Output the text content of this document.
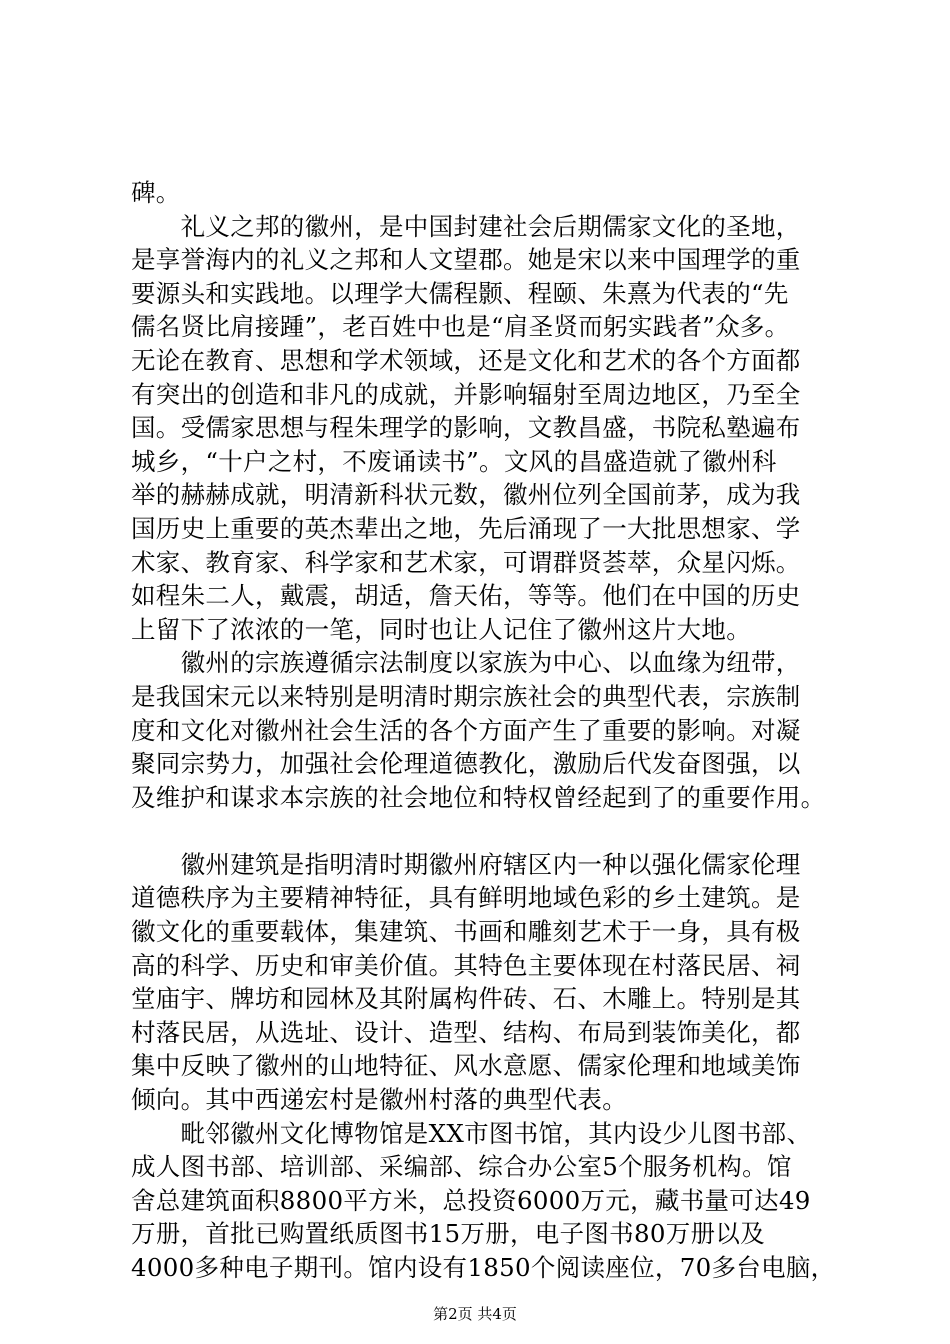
碑。
　　礼义之邦的徽州，是中国封建社会后期儒家文化的圣地，
是享誉海内的礼义之邦和人文望郡。她是宋以来中国理学的重
要源头和实践地。以理学大儒程颢、程颐、朱熹为代表的“先
儒名贤比肩接踵”，老百姓中也是“肩圣贤而躬实践者”众多。
无论在教育、思想和学术领域，还是文化和艺术的各个方面都
有突出的创造和非凡的成就，并影响辐射至周边地区，乃至全
国。受儒家思想与程朱理学的影响，文教昌盛，书院私塾遍布
城乡，“十户之村，不废诵读书”。文风的昌盛造就了徽州科
举的赫赫成就，明清新科状元数，徽州位列全国前茅，成为我
国历史上重要的英杰辈出之地，先后涌现了一大批思想家、学
术家、教育家、科学家和艺术家，可谓群贤荟萃，众星闪烁。
如程朱二人，戴震，胡适，詹天佑，等等。他们在中国的历史
上留下了浓浓的一笔，同时也让人记住了徽州这片大地。
　　徽州的宗族遵循宗法制度以家族为中心、以血缘为纽带，
是我国宋元以来特别是明清时期宗族社会的典型代表，宗族制
度和文化对徽州社会生活的各个方面产生了重要的影响。对凝
聚同宗势力，加强社会伦理道德教化，激励后代发奋图强，以
及维护和谋求本宗族的社会地位和特权曾经起到了的重要作用。
　　徽州建筑是指明清时期徽州府辖区内一种以强化儒家伦理
道德秩序为主要精神特征，具有鲜明地域色彩的乡土建筑。是
徽文化的重要载体，集建筑、书画和雕刻艺术于一身，具有极
高的科学、历史和审美价值。其特色主要体现在村落民居、祠
堂庙宇、牌坊和园林及其附属构件砖、石、木雕上。特别是其
村落民居，从选址、设计、造型、结构、布局到装饰美化，都
集中反映了徽州的山地特征、风水意愿、儒家伦理和地域美饰
倾向。其中西递宏村是徽州村落的典型代表。
　　毗邻徽州文化博物馆是XX市图书馆，其内设少儿图书部、
成人图书部、培训部、采编部、综合办公室5个服务机构。馆
舍总建筑面积8800平方米，总投资6000万元，藏书量可达49
万册，首批已购置纸质图书15万册，电子图书80万册以及
4000多种电子期刊。馆内设有1850个阅读座位，70多台电脑，
第2页 共4页
